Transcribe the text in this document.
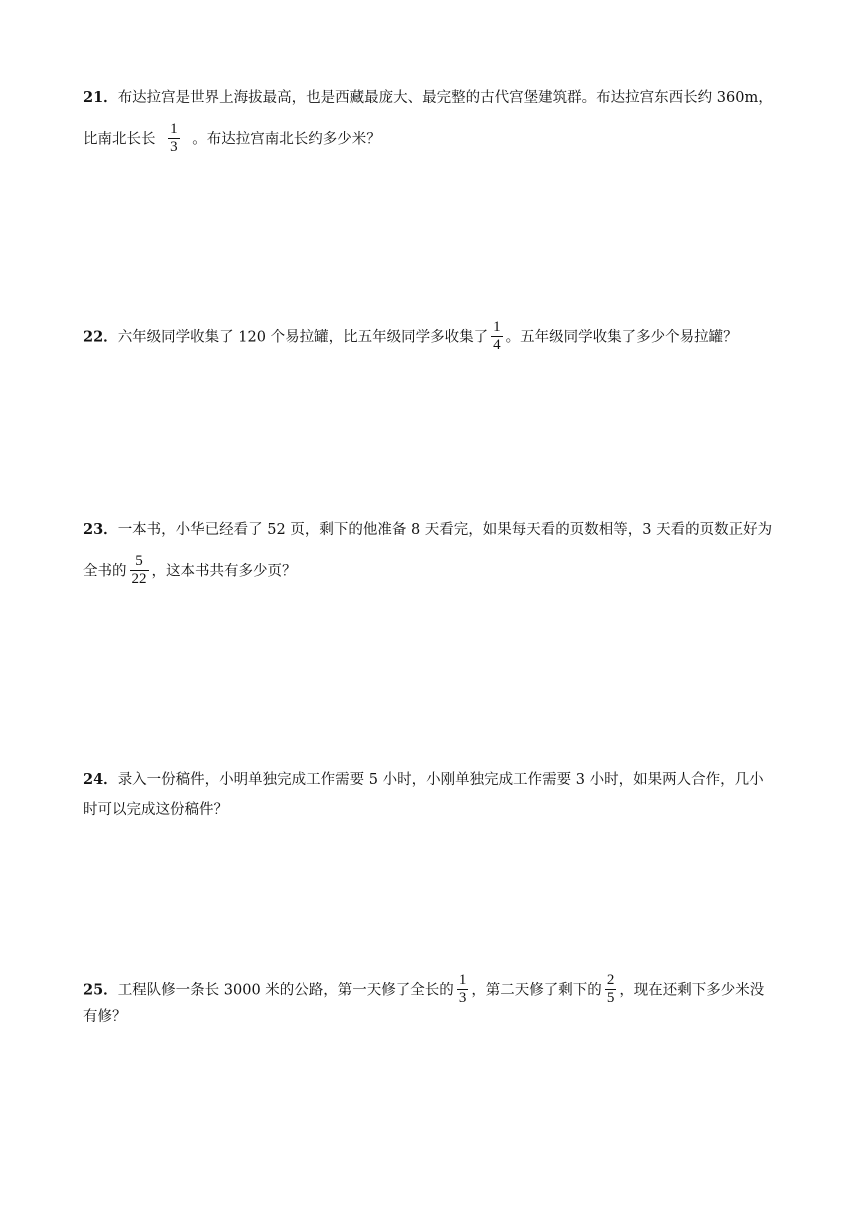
21．布达拉宫是世界上海拔最高，也是西藏最庞大、最完整的古代宫堡建筑群。布达拉宫东西长约 360m，
比南北长长 $\frac{1}{3}$ 。布达拉宫南北长约多少米？
22．六年级同学收集了 120 个易拉罐，比五年级同学多收集了 $\frac{1}{4}$ 。五年级同学收集了多少个易拉罐？
23．一本书，小华已经看了 52 页，剩下的他准备 8 天看完，如果每天看的页数相等，3 天看的页数正好为
全书的 $\frac{5}{22}$ ，这本书共有多少页？
24．录入一份稿件，小明单独完成工作需要 5 小时，小刚单独完成工作需要 3 小时，如果两人合作，几小
时可以完成这份稿件？
25．工程队修一条长 3000 米的公路，第一天修了全长的 $\frac{1}{3}$ ，第二天修了剩下的 $\frac{2}{5}$ ，现在还剩下多少米没
有修？
